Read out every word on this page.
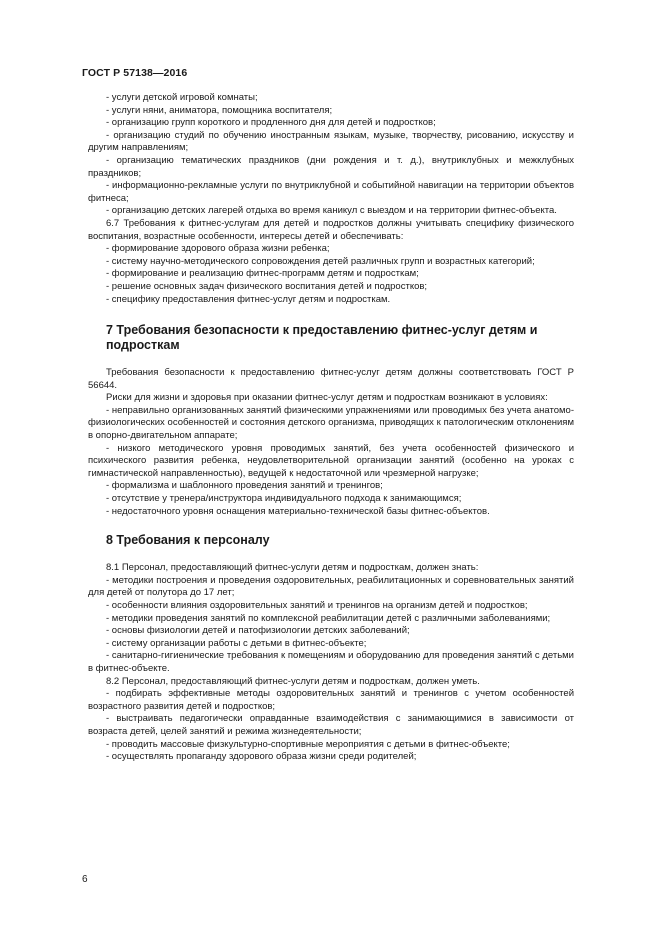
ГОСТ Р 57138—2016

- услуги детской игровой комнаты;

- услуги няни, аниматора, помощника воспитателя;

- организацию групп короткого и продленного дня для детей и подростков;

- организацию студий по обучению иностранным языкам, музыке, творчеству, рисованию, искусству и другим направлениям;

- организацию тематических праздников (дни рождения и т. д.), внутриклубных и межклубных праздников;

- информационно-рекламные услуги по внутриклубной и событийной навигации на территории объектов фитнеса;

- организацию детских лагерей отдыха во время каникул с выездом и на территории фитнес-объекта.

6.7 Требования к фитнес-услугам для детей и подростков должны учитывать специфику физического воспитания, возрастные особенности, интересы детей и обеспечивать:

- формирование здорового образа жизни ребенка;

- систему научно-методического сопровождения детей различных групп и возрастных категорий;

- формирование и реализацию фитнес-программ детям и подросткам;

- решение основных задач физического воспитания детей и подростков;

- специфику предоставления фитнес-услуг детям и подросткам.

7 Требования безопасности к предоставлению фитнес-услуг детям и подросткам

Требования безопасности к предоставлению фитнес-услуг детям должны соответствовать ГОСТ Р 56644.

Риски для жизни и здоровья при оказании фитнес-услуг детям и подросткам возникают в условиях:

- неправильно организованных занятий физическими упражнениями или проводимых без учета анатомо-физиологических особенностей и состояния детского организма, приводящих к патологическим отклонениям в опорно-двигательном аппарате;

- низкого методического уровня проводимых занятий, без учета особенностей физического и психического развития ребенка, неудовлетворительной организации занятий (особенно на уроках с гимнастической направленностью), ведущей к недостаточной или чрезмерной нагрузке;

- формализма и шаблонного проведения занятий и тренингов;

- отсутствие у тренера/инструктора индивидуального подхода к занимающимся;

- недостаточного уровня оснащения материально-технической базы фитнес-объектов.

8 Требования к персоналу

8.1 Персонал, предоставляющий фитнес-услуги детям и подросткам, должен знать:

- методики построения и проведения оздоровительных, реабилитационных и соревновательных занятий для детей от полутора до 17 лет;

- особенности влияния оздоровительных занятий и тренингов на организм детей и подростков;

- методики проведения занятий по комплексной реабилитации детей с различными заболеваниями;

- основы физиологии детей и патофизиологии детских заболеваний;

- систему организации работы с детьми в фитнес-объекте;

- санитарно-гигиенические требования к помещениям и оборудованию для проведения занятий с детьми в фитнес-объекте.

8.2 Персонал, предоставляющий фитнес-услуги детям и подросткам, должен уметь.

- подбирать эффективные методы оздоровительных занятий и тренингов с учетом особенностей возрастного развития детей и подростков;

- выстраивать педагогически оправданные взаимодействия с занимающимися в зависимости от возраста детей, целей занятий и режима жизнедеятельности;

- проводить массовые физкультурно-спортивные мероприятия с детьми в фитнес-объекте;

- осуществлять пропаганду здорового образа жизни среди родителей;

6
